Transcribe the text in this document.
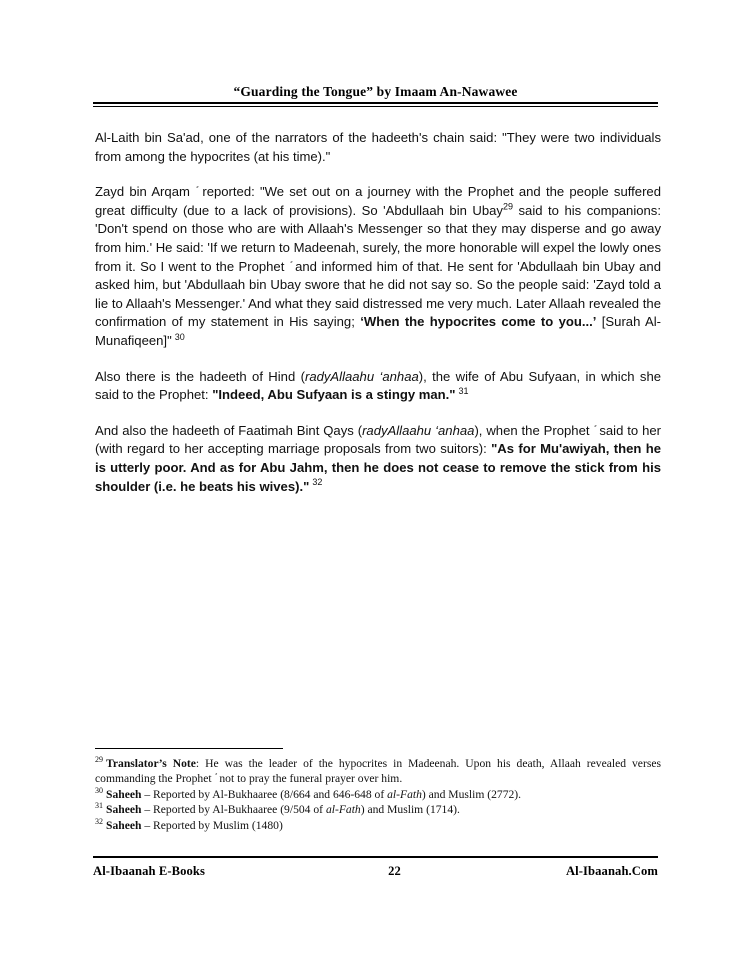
“Guarding the Tongue” by Imaam An-Nawawee

Al-Laith bin Sa'ad, one of the narrators of the hadeeth's chain said: "They were two individuals from among the hypocrites (at his time)."

Zayd bin Arqam  reported: "We set out on a journey with the Prophet and the people suffered great difficulty (due to a lack of provisions). So 'Abdullaah bin Ubay$^{29}$ said to his companions: 'Don't spend on those who are with Allaah's Messenger so that they may disperse and go away from him.' He said: 'If we return to Madeenah, surely, the more honorable will expel the lowly ones from it. So I went to the Prophet  and informed him of that. He sent for 'Abdullaah bin Ubay and asked him, but 'Abdullaah bin Ubay swore that he did not say so. So the people said: 'Zayd told a lie to Allaah's Messenger.' And what they said distressed me very much. Later Allaah revealed the confirmation of my statement in His saying; ‘When the hypocrites come to you...’ [Surah Al-Munafiqeen]" $^{30}$

Also there is the hadeeth of Hind (radyAllaahu ‘anhaa), the wife of Abu Sufyaan, in which she said to the Prophet: "Indeed, Abu Sufyaan is a stingy man." $^{31}$

And also the hadeeth of Faatimah Bint Qays (radyAllaahu ‘anhaa), when the Prophet  said to her (with regard to her accepting marriage proposals from two suitors): "As for Mu'awiyah, then he is utterly poor. And as for Abu Jahm, then he does not cease to remove the stick from his shoulder (i.e. he beats his wives)." $^{32}$

$^{29}$ Translator’s Note: He was the leader of the hypocrites in Madeenah. Upon his death, Allaah revealed verses commanding the Prophet  not to pray the funeral prayer over him.

$^{30}$ Saheeh – Reported by Al-Bukhaaree (8/664 and 646-648 of al-Fath) and Muslim (2772).

$^{31}$ Saheeh – Reported by Al-Bukhaaree (9/504 of al-Fath) and Muslim (1714).

$^{32}$ Saheeh – Reported by Muslim (1480)

Al-Ibaanah E-Books	22	Al-Ibaanah.Com
